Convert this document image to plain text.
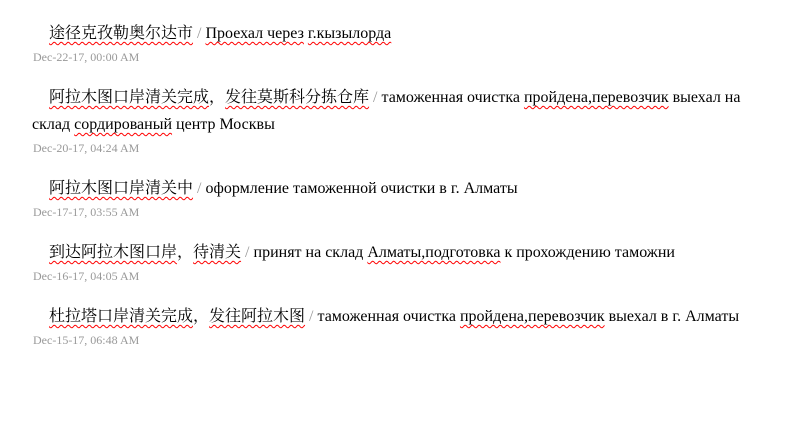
途径克孜勒奥尔达市 / Проехал через г.кызылорда

Dec-22-17, 00:00 AM

阿拉木图口岸清关完成，发往莫斯科分拣仓库 / таможенная очистка пройдена,перевозчик выехал на склад сордированый центр Москвы

Dec-20-17, 04:24 AM

阿拉木图口岸清关中 / оформление таможенной очистки в г. Алматы

Dec-17-17, 03:55 AM

到达阿拉木图口岸，待清关 / принят на склад Алматы,подготовка к прохождению таможни

Dec-16-17, 04:05 AM

杜拉塔口岸清关完成，发往阿拉木图 / таможенная очистка пройдена,перевозчик выехал в г. Алматы

Dec-15-17, 06:48 AM
